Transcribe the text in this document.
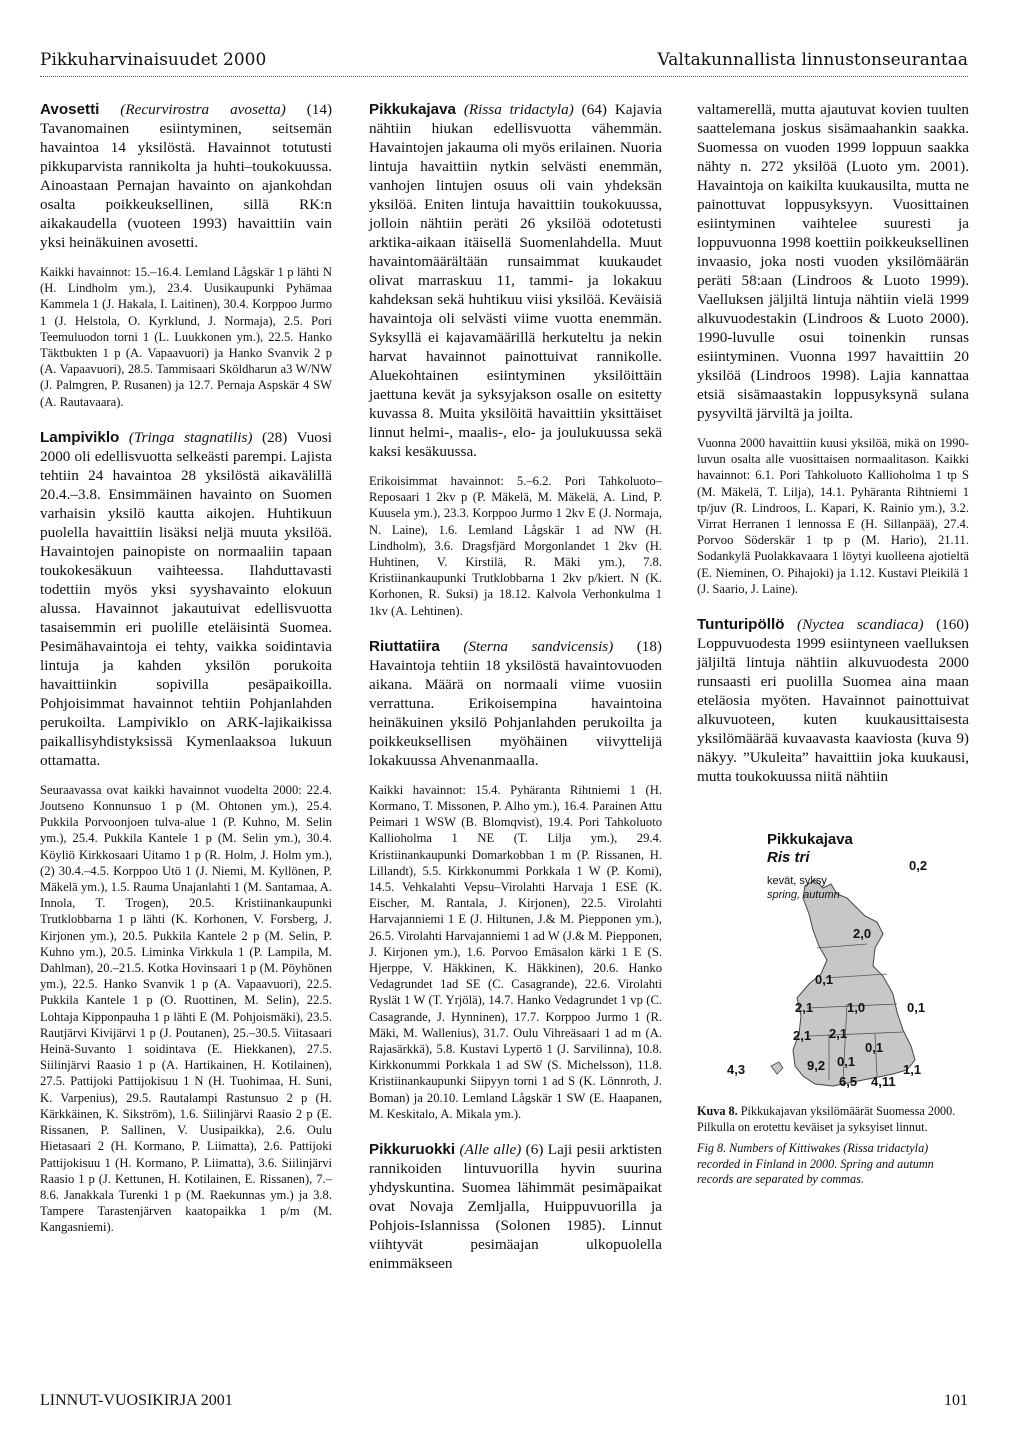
Pikkuharvinaisuudet 2000	Valtakunnallista linnustonseurantaa

Avosetti (Recurvirostra avosetta) (14) Tavanomainen esiintyminen, seitsemän havaintoa 14 yksilöstä. Havainnot totutusti pikkuparvista rannikolta ja huhti–toukokuussa. Ainoastaan Pernajan havainto on ajankohdan osalta poikkeuksellinen, sillä RK:n aikakaudella (vuoteen 1993) havaittiin vain yksi heinäkuinen avosetti.

Kaikki havainnot: 15.–16.4. Lemland Lågskär 1 p lähti N (H. Lindholm ym.), 23.4. Uusikaupunki Pyhämaa Kammela 1 (J. Hakala, I. Laitinen), 30.4. Korppoo Jurmo 1 (J. Helstola, O. Kyrklund, J. Normaja), 2.5. Pori Teemuluodon torni 1 (L. Luukkonen ym.), 22.5. Hanko Täktbukten 1 p (A. Vapaavuori) ja Hanko Svanvik 2 p (A. Vapaavuori), 28.5. Tammisaari Sköldharun a3 W/NW (J. Palmgren, P. Rusanen) ja 12.7. Pernaja Aspskär 4 SW (A. Rautavaara).

Lampiviklo (Tringa stagnatilis) (28) Vuosi 2000 oli edellisvuotta selkeästi parempi. Lajista tehtiin 24 havaintoa 28 yksilöstä aikavälillä 20.4.–3.8. Ensimmäinen havainto on Suomen varhaisin yksilö kautta aikojen. Huhtikuun puolella havaittiin lisäksi neljä muuta yksilöä. Havaintojen painopiste on normaaliin tapaan toukokesäkuun vaihteessa. Ilahduttavasti todettiin myös yksi syyshavainto elokuun alussa. Havainnot jakautuivat edellisvuotta tasaisemmin eri puolille eteläisintä Suomea. Pesimähavaintoja ei tehty, vaikka soidintavia lintuja ja kahden yksilön porukoita havaittiinkin sopivilla pesäpaikoilla. Pohjoisimmat havainnot tehtiin Pohjanlahden perukoilta. Lampiviklo on ARK-lajikaikissa paikallisyhdistyksissä Kymenlaaksoa lukuun ottamatta.

Seuraavassa ovat kaikki havainnot vuodelta 2000: 22.4. Joutseno Konnunsuo 1 p (M. Ohtonen ym.), 25.4. Pukkila Porvoonjoen tulva-alue 1 (P. Kuhno, M. Selin ym.), 25.4. Pukkila Kantele 1 p (M. Selin ym.), 30.4. Köyliö Kirkkosaari Uitamo 1 p (R. Holm, J. Holm ym.), (2) 30.4.–4.5. Korppoo Utö 1 (J. Niemi, M. Kyllönen, P. Mäkelä ym.), 1.5. Rauma Unajanlahti 1 (M. Santamaa, A. Innola, T. Trogen), 20.5. Kristiinankaupunki Trutklobbarna 1 p lähti (K. Korhonen, V. Forsberg, J. Kirjonen ym.), 20.5. Pukkila Kantele 2 p (M. Selin, P. Kuhno ym.), 20.5. Liminka Virkkula 1 (P. Lampila, M. Dahlman), 20.–21.5. Kotka Hovinsaari 1 p (M. Pöyhönen ym.), 22.5. Hanko Svanvik 1 p (A. Vapaavuori), 22.5. Pukkila Kantele 1 p (O. Ruottinen, M. Selin), 22.5. Lohtaja Kipponpauha 1 p lähti E (M. Pohjoismäki), 23.5. Rautjärvi Kivijärvi 1 p (J. Poutanen), 25.–30.5. Viitasaari Heinä-Suvanto 1 soidintava (E. Hiekkanen), 27.5. Siilinjärvi Raasio 1 p (A. Hartikainen, H. Kotilainen), 27.5. Pattijoki Pattijokisuu 1 N (H. Tuohimaa, H. Suni, K. Varpenius), 29.5. Rautalampi Rastunsuo 2 p (H. Kärkkäinen, K. Sikström), 1.6. Siilinjärvi Raasio 2 p (E. Rissanen, P. Sallinen, V. Uusipaikka), 2.6. Oulu Hietasaari 2 (H. Kormano, P. Liimatta), 2.6. Pattijoki Pattijokisuu 1 (H. Kormano, P. Liimatta), 3.6. Siilinjärvi Raasio 1 p (J. Kettunen, H. Kotilainen, E. Rissanen), 7.–8.6. Janakkala Turenki 1 p (M. Raekunnas ym.) ja 3.8. Tampere Tarastenjärven kaatopaikka 1 p/m (M. Kangasniemi).

Pikkukajava (Rissa tridactyla) (64) Kajavia nähtiin hiukan edellisvuotta vähemmän. Havaintojen jakauma oli myös erilainen. Nuoria lintuja havaittiin nytkin selvästi enemmän, vanhojen lintujen osuus oli vain yhdeksän yksilöä. Eniten lintuja havaittiin toukokuussa, jolloin nähtiin peräti 26 yksilöä odotetusti arktika-aikaan itäisellä Suomenlahdella. Muut havaintomäärältään runsaimmat kuukaudet olivat marraskuu 11, tammi- ja lokakuu kahdeksan sekä huhtikuu viisi yksilöä. Keväisiä havaintoja oli selvästi viime vuotta enemmän. Syksyllä ei kajavamäärillä herkuteltu ja nekin harvat havainnot painottuivat rannikolle. Aluekohtainen esiintyminen yksilöittäin jaettuna kevät ja syksyjakson osalle on esitetty kuvassa 8. Muita yksilöitä havaittiin yksittäiset linnut helmi-, maalis-, elo- ja joulukuussa sekä kaksi kesäkuussa.

Erikoisimmat havainnot: 5.–6.2. Pori Tahkoluoto–Reposaari 1 2kv p (P. Mäkelä, M. Mäkelä, A. Lind, P. Kuusela ym.), 23.3. Korppoo Jurmo 1 2kv E (J. Normaja, N. Laine), 1.6. Lemland Lågskär 1 ad NW (H. Lindholm), 3.6. Dragsfjärd Morgonlandet 1 2kv (H. Huhtinen, V. Kirstilä, R. Mäki ym.), 7.8. Kristiinankaupunki Trutklobbarna 1 2kv p/kiert. N (K. Korhonen, R. Suksi) ja 18.12. Kalvola Verhonkulma 1 1kv (A. Lehtinen).

Riuttatiira (Sterna sandvicensis) (18) Havaintoja tehtiin 18 yksilöstä havaintovuoden aikana. Määrä on normaali viime vuosiin verrattuna. Erikoisempina havaintoina heinäkuinen yksilö Pohjanlahden perukoilta ja poikkeuksellisen myöhäinen viivyttelijä lokakuussa Ahvenanmaalla.

Kaikki havainnot: 15.4. Pyhäranta Rihtniemi 1 (H. Kormano, T. Missonen, P. Alho ym.), 16.4. Parainen Attu Peimari 1 WSW (B. Blomqvist), 19.4. Pori Tahkoluoto Kallioholma 1 NE (T. Lilja ym.), 29.4. Kristiinankaupunki Domarkobban 1 m (P. Rissanen, H. Lillandt), 5.5. Kirkkonummi Porkkala 1 W (P. Komi), 14.5. Vehkalahti Vepsu–Virolahti Harvaja 1 ESE (K. Eischer, M. Rantala, J. Kirjonen), 22.5. Virolahti Harvajanniemi 1 E (J. Hiltunen, J.& M. Piepponen ym.), 26.5. Virolahti Harvajanniemi 1 ad W (J.& M. Piepponen, J. Kirjonen ym.), 1.6. Porvoo Emäsalon kärki 1 E (S. Hjerppe, V. Häkkinen, K. Häkkinen), 20.6. Hanko Vedagrundet 1ad SE (C. Casagrande), 22.6. Virolahti Ryslät 1 W (T. Yrjölä), 14.7. Hanko Vedagrundet 1 vp (C. Casagrande, J. Hynninen), 17.7. Korppoo Jurmo 1 (R. Mäki, M. Wallenius), 31.7. Oulu Vihreäsaari 1 ad m (A. Rajasärkkä), 5.8. Kustavi Lypertö 1 (J. Sarvilinna), 10.8. Kirkkonummi Porkkala 1 ad SW (S. Michelsson), 11.8. Kristiinankaupunki Siipyyn torni 1 ad S (K. Lönnroth, J. Boman) ja 20.10. Lemland Lågskär 1 SW (E. Haapanen, M. Keskitalo, A. Mikala ym.).

Pikkuruokki (Alle alle) (6) Laji pesii arktisten rannikoiden lintuvuorilla hyvin suurina yhdyskuntina. Suomea lähimmät pesimäpaikat ovat Novaja Zemljalla, Huippuvuorilla ja Pohjois-Islannissa (Solonen 1985). Linnut viihtyvät pesimäajan ulkopuolella enimmäkseen

valtamerellä, mutta ajautuvat kovien tuulten saattelemana joskus sisämaahankin saakka. Suomessa on vuoden 1999 loppuun saakka nähty n. 272 yksilöä (Luoto ym. 2001). Havaintoja on kaikilta kuukausilta, mutta ne painottuvat loppusyksyyn. Vuosittainen esiintyminen vaihtelee suuresti ja loppuvuonna 1998 koettiin poikkeuksellinen invaasio, joka nosti vuoden yksilömäärän peräti 58:aan (Lindroos & Luoto 1999). Vaelluksen jäljiltä lintuja nähtiin vielä 1999 alkuvuodestakin (Lindroos & Luoto 2000). 1990-luvulle osui toinenkin runsas esiintyminen. Vuonna 1997 havaittiin 20 yksilöä (Lindroos 1998). Lajia kannattaa etsiä sisämaastakin loppusyksynä sulana pysyviltä järviltä ja joilta.

Vuonna 2000 havaittiin kuusi yksilöä, mikä on 1990-luvun osalta alle vuosittaisen normaalitason. Kaikki havainnot: 6.1. Pori Tahkoluoto Kallioholma 1 tp S (M. Mäkelä, T. Lilja), 14.1. Pyhäranta Rihtniemi 1 tp/juv (R. Lindroos, L. Kapari, K. Rainio ym.), 3.2. Virrat Herranen 1 lennossa E (H. Sillanpää), 27.4. Porvoo Söderskär 1 tp p (M. Hario), 21.11. Sodankylä Puolakkavaara 1 löytyi kuolleena ajotieltä (E. Nieminen, O. Pihajoki) ja 1.12. Kustavi Pleikilä 1 (J. Saario, J. Laine).

Tunturipöllö (Nyctea scandiaca) (160) Loppuvuodesta 1999 esiintyneen vaelluksen jäljiltä lintuja nähtiin alkuvuodesta 2000 runsaasti eri puolilla Suomea aina maan eteläosia myöten. Havainnot painottuivat alkuvuoteen, kuten kuukausittaisesta yksilömäärää kuvaavasta kaaviosta (kuva 9) näkyy. ”Ukuleita” havaittiin joka kuukausi, mutta toukokuussa niitä nähtiin

Pikkukajava
Ris tri
kevät, syksy
spring, autumn
0,2
2,0
0,1
0,1
2,1	1,0
2,1 2,1
0,1
4,3	9,2 0,1
6,5 4,11
1,1
Kuva 8. Pikkukajavan yksilömäärät Suomessa 2000. Pilkulla on erotettu keväiset ja syksyiset linnut.
Fig 8. Numbers of Kittiwakes (Rissa tridactyla) recorded in Finland in 2000. Spring and autumn records are separated by commas.
LINNUT-VUOSIKIRJA 2001	101
